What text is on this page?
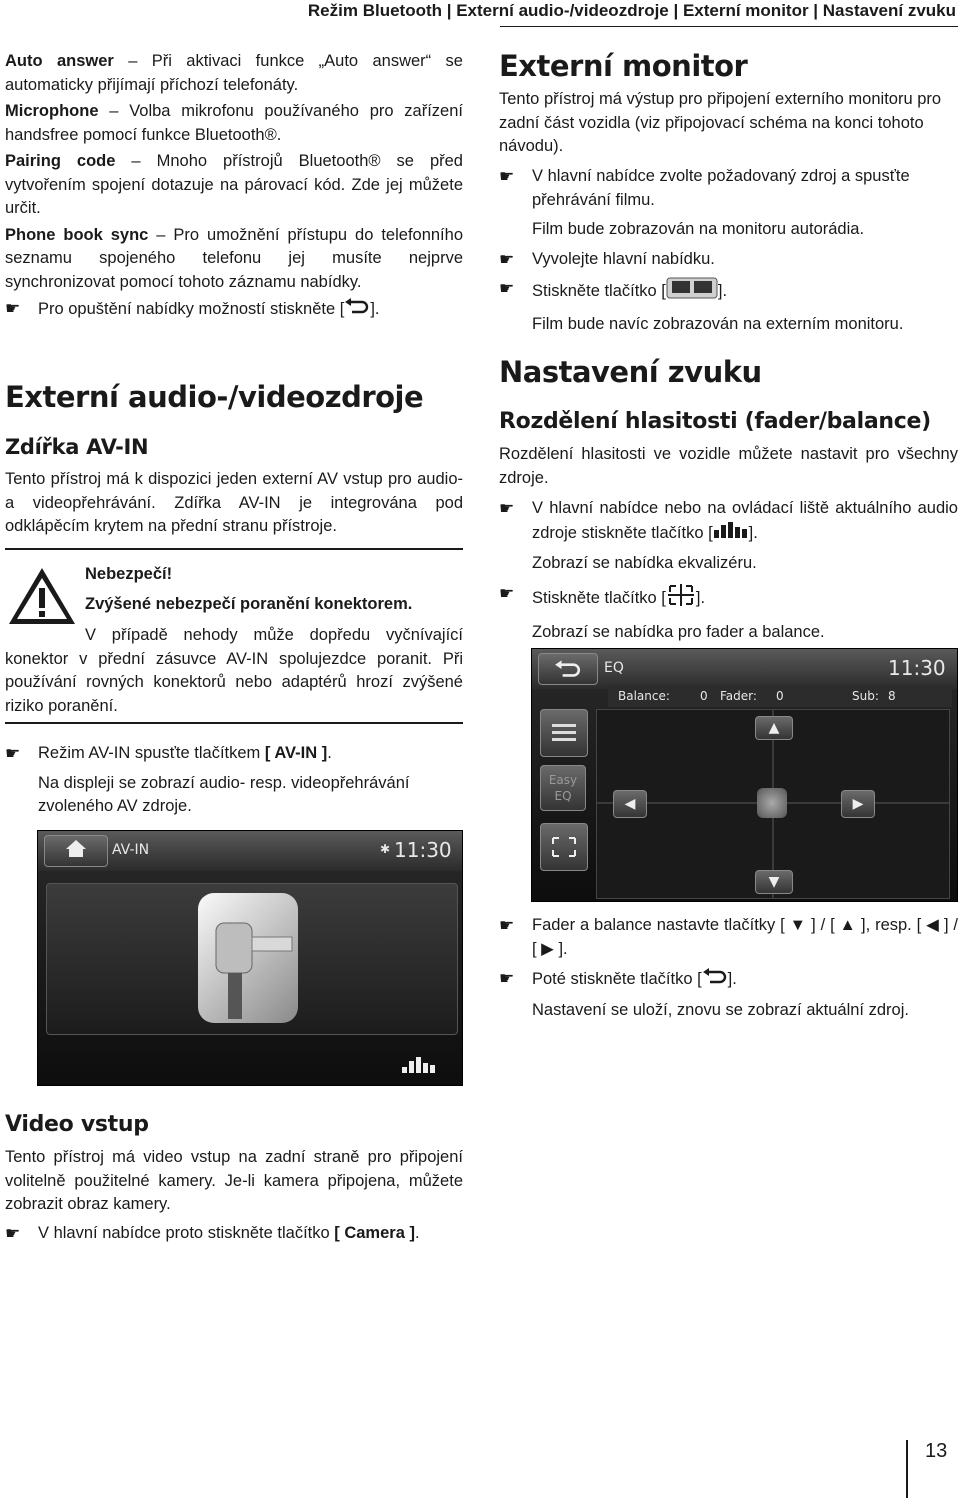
Režim Bluetooth | Externí audio-/videozdroje | Externí monitor | Nastavení zvuku

Auto answer – Při aktivaci funkce „Auto answer“ se automaticky přijímají příchozí telefonáty.

Microphone – Volba mikrofonu používaného pro zařízení handsfree pomocí funkce Bluetooth®.

Pairing code – Mnoho přístrojů Bluetooth® se před vytvořením spojení dotazuje na párovací kód. Zde jej můžete určit.

Phone book sync – Pro umožnění přístupu do telefonního seznamu spojeného telefonu jej musíte nejprve synchronizovat pomocí tohoto záznamu nabídky.

☛ Pro opuštění nabídky možností stiskněte [ ].

Externí audio-/videozdroje
Zdířka AV-IN

Tento přístroj má k dispozici jeden externí AV vstup pro audio- a videopřehrávání. Zdířka AV-IN je integrována pod odklápěcím krytem na přední stranu přístroje.

Nebezpečí!
Zvýšené nebezpečí poranění konektorem.

V případě nehody může dopředu vyčnívající konektor v přední zásuvce AV-IN spolujezdce poranit. Při používání rovných konektorů nebo adaptérů hrozí zvýšené riziko poranění.

☛ Režim AV-IN spusťte tlačítkem [ AV-IN ].

Na displeji se zobrazí audio- resp. videopřehrávání zvoleného AV zdroje.

AV-IN	✱ 11:30
Video vstup

Tento přístroj má video vstup na zadní straně pro připojení volitelně použitelné kamery. Je-li kamera připojena, můžete zobrazit obraz kamery.

☛ V hlavní nabídce proto stiskněte tlačítko [ Camera ].

Externí monitor

Tento přístroj má výstup pro připojení externího monitoru pro zadní část vozidla (viz připojovací schéma na konci tohoto návodu).

☛ V hlavní nabídce zvolte požadovaný zdroj a spusťte přehrávání filmu.

Film bude zobrazován na monitoru autorádia.

☛ Vyvolejte hlavní nabídku.

☛ Stiskněte tlačítko [	].

Film bude navíc zobrazován na externím monitoru.

Nastavení zvuku
Rozdělení hlasitosti (fader/balance)

Rozdělení hlasitosti ve vozidle můžete nastavit pro všechny zdroje.

☛ V hlavní nabídce nebo na ovládací liště aktuálního audio zdroje stiskněte tlačítko [ ].

Zobrazí se nabídka ekvalizéru.

☛ Stiskněte tlačítko [ ].

Zobrazí se nabídka pro fader a balance.

EQ	11:30
Balance:	0 Fader: 0	Sub: 8
Easy EQ
▲
▼
◀	▶

Fader a balance nastavte tlačítky [ ▼ ] / [ ▲ ], resp. [ ◀ ] / [ ▶ ].

☛ Poté stiskněte tlačítko [ ].

Nastavení se uloží, znovu se zobrazí aktuální zdroj.

☛
13
